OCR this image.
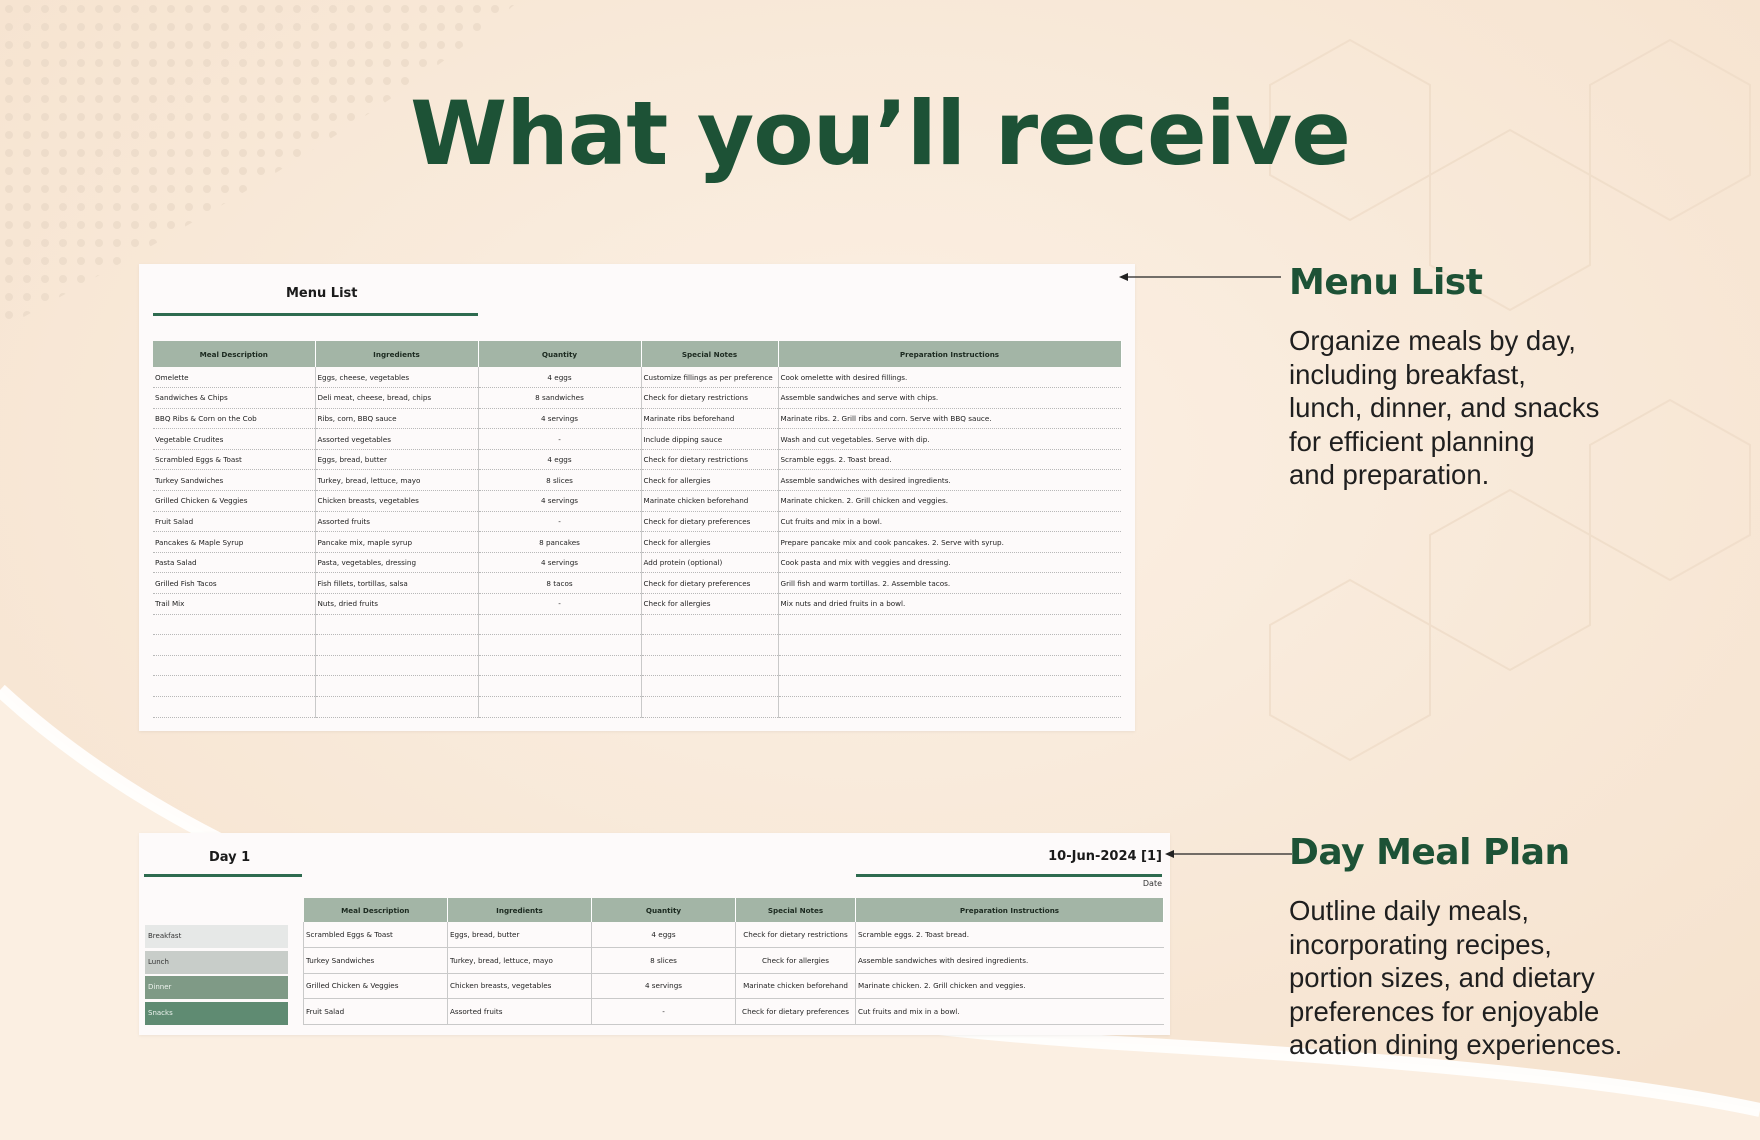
What you’ll receive
Menu List
Meal Description	Ingredients	Quantity	Special Notes	Preparation Instructions
Omelette	Eggs, cheese, vegetables	4 eggs	Customize fillings as per preference	Cook omelette with desired fillings.
Sandwiches & Chips	Deli meat, cheese, bread, chips	8 sandwiches	Check for dietary restrictions	Assemble sandwiches and serve with chips.
BBQ Ribs & Corn on the Cob	Ribs, corn, BBQ sauce	4 servings	Marinate ribs beforehand	Marinate ribs. 2. Grill ribs and corn. Serve with BBQ sauce.
Vegetable Crudites	Assorted vegetables	-	Include dipping sauce	Wash and cut vegetables. Serve with dip.
Scrambled Eggs & Toast	Eggs, bread, butter	4 eggs	Check for dietary restrictions	Scramble eggs. 2. Toast bread.
Turkey Sandwiches	Turkey, bread, lettuce, mayo	8 slices	Check for allergies	Assemble sandwiches with desired ingredients.
Grilled Chicken & Veggies	Chicken breasts, vegetables	4 servings	Marinate chicken beforehand	Marinate chicken. 2. Grill chicken and veggies.
Fruit Salad	Assorted fruits	-	Check for dietary preferences	Cut fruits and mix in a bowl.
Pancakes & Maple Syrup	Pancake mix, maple syrup	8 pancakes	Check for allergies	Prepare pancake mix and cook pancakes. 2. Serve with syrup.
Pasta Salad	Pasta, vegetables, dressing	4 servings	Add protein (optional)	Cook pasta and mix with veggies and dressing.
Grilled Fish Tacos	Fish fillets, tortillas, salsa	8 tacos	Check for dietary preferences	Grill fish and warm tortillas. 2. Assemble tacos.
Trail Mix	Nuts, dried fruits	-	Check for allergies	Mix nuts and dried fruits in a bowl.

Menu List
Organize meals by day,
including breakfast,
lunch, dinner, and snacks
for efficient planning
and preparation.
Day 1	10-Jun-2024 [1]
Date
Breakfast
Lunch
Dinner
Snacks
Meal Description	Ingredients	Quantity	Special Notes	Preparation Instructions
Scrambled Eggs & Toast	Eggs, bread, butter	4 eggs	Check for dietary restrictions	Scramble eggs. 2. Toast bread.
Turkey Sandwiches	Turkey, bread, lettuce, mayo	8 slices	Check for allergies	Assemble sandwiches with desired ingredients.
Grilled Chicken & Veggies	Chicken breasts, vegetables	4 servings	Marinate chicken beforehand	Marinate chicken. 2. Grill chicken and veggies.
Fruit Salad	Assorted fruits	-	Check for dietary preferences	Cut fruits and mix in a bowl.
Day Meal Plan
Outline daily meals,
incorporating recipes,
portion sizes, and dietary
preferences for enjoyable
acation dining experiences.
